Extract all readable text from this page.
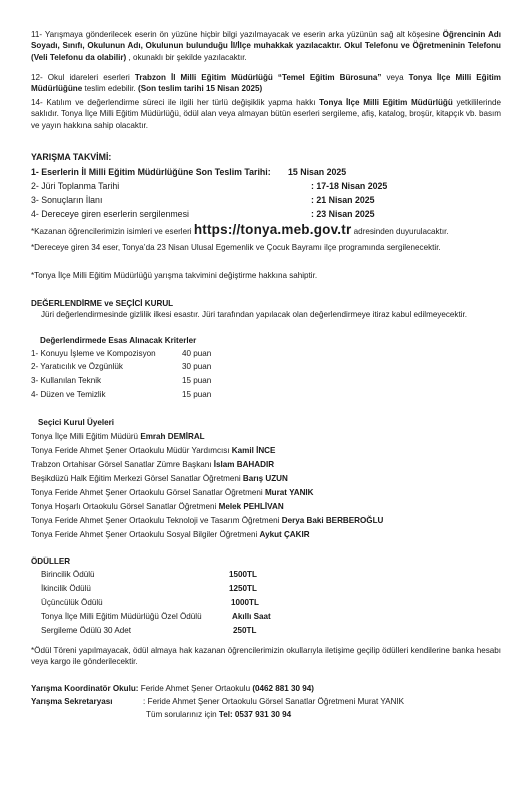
11- Yarışmaya gönderilecek eserin ön yüzüne hiçbir bilgi yazılmayacak ve eserin arka yüzünün sağ alt köşesine Öğrencinin Adı Soyadı, Sınıfı, Okulunun Adı, Okulunun bulunduğu İl/İlçe muhakkak yazılacaktır. Okul Telefonu ve Öğretmeninin Telefonu (Veli Telefonu da olabilir) , okunaklı bir şekilde yazılacaktır.
12- Okul idareleri eserleri Trabzon İl Milli Eğitim Müdürlüğü “Temel Eğitim Bürosuna” veya Tonya İlçe Milli Eğitim Müdürlüğüne teslim edebilir. (Son teslim tarihi 15 Nisan 2025)
14- Katılım ve değerlendirme süreci ile ilgili her türlü değişiklik yapma hakkı Tonya İlçe Milli Eğitim Müdürlüğü yetkililerinde saklıdır. Tonya İlçe Milli Eğitim Müdürlüğü, ödül alan veya almayan bütün eserleri sergileme, afiş, katalog, broşür, kitapçık vb. basım ve yayın hakkına sahip olacaktır.
YARIŞMA TAKVİMİ:
1- Eserlerin İl Milli Eğitim Müdürlüğüne Son Teslim Tarihi: 15 Nisan 2025
2- Jüri Toplanma Tarihi	: 17-18 Nisan 2025
3- Sonuçların İlanı	: 21 Nisan 2025
4- Dereceye giren eserlerin sergilenmesi	: 23 Nisan 2025
*Kazanan öğrencilerimizin isimleri ve eserleri https://tonya.meb.gov.tr adresinden duyurulacaktır.
*Dereceye giren 34 eser, Tonya’da 23 Nisan Ulusal Egemenlik ve Çocuk Bayramı ilçe programında sergilenecektir.
*Tonya İlçe Milli Eğitim Müdürlüğü yarışma takvimini değiştirme hakkına sahiptir.
DEĞERLENDİRME ve SEÇİCİ KURUL
Jüri değerlendirmesinde gizlilik ilkesi esastır. Jüri tarafından yapılacak olan değerlendirmeye itiraz kabul edilmeyecektir.
Değerlendirmede Esas Alınacak Kriterler
1- Konuyu İşleme ve Kompozisyon	40 puan
2- Yaratıcılık ve Özgünlük	30 puan
3- Kullanılan Teknik	15 puan
4- Düzen ve Temizlik	15 puan
Seçici Kurul Üyeleri
Tonya İlçe Milli Eğitim Müdürü Emrah DEMİRAL
Tonya Feride Ahmet Şener Ortaokulu Müdür Yardımcısı Kamil İNCE
Trabzon Ortahisar Görsel Sanatlar Zümre Başkanı İslam BAHADIR
Beşikdüzü Halk Eğitim Merkezi Görsel Sanatlar Öğretmeni Barış UZUN
Tonya Feride Ahmet Şener Ortaokulu Görsel Sanatlar Öğretmeni Murat YANIK
Tonya Hoşarlı Ortaokulu Görsel Sanatlar Öğretmeni Melek PEHLİVAN
Tonya Feride Ahmet Şener Ortaokulu Teknoloji ve Tasarım Öğretmeni Derya Baki BERBEROĞLU
Tonya Feride Ahmet Şener Ortaokulu Sosyal Bilgiler Öğretmeni Aykut ÇAKIR
ÖDÜLLER
Birincilik Ödülü	1500TL
İkincilik Ödülü	1250TL
Üçüncülük Ödülü	1000TL
Tonya İlçe Milli Eğitim Müdürlüğü Özel Ödülü	Akıllı Saat
Sergileme Ödülü 30 Adet	250TL
*Ödül Töreni yapılmayacak, ödül almaya hak kazanan öğrencilerimizin okullarıyla iletişime geçilip ödülleri kendilerine banka hesabı veya kargo ile gönderilecektir.
Yarışma Koordinatör Okulu: Feride Ahmet Şener Ortaokulu (0462 881 30 94)
Yarışma Sekretaryası	: Feride Ahmet Şener Ortaokulu Görsel Sanatlar Öğretmeni Murat YANIK
Tüm sorularınız için Tel: 0537 931 30 94
